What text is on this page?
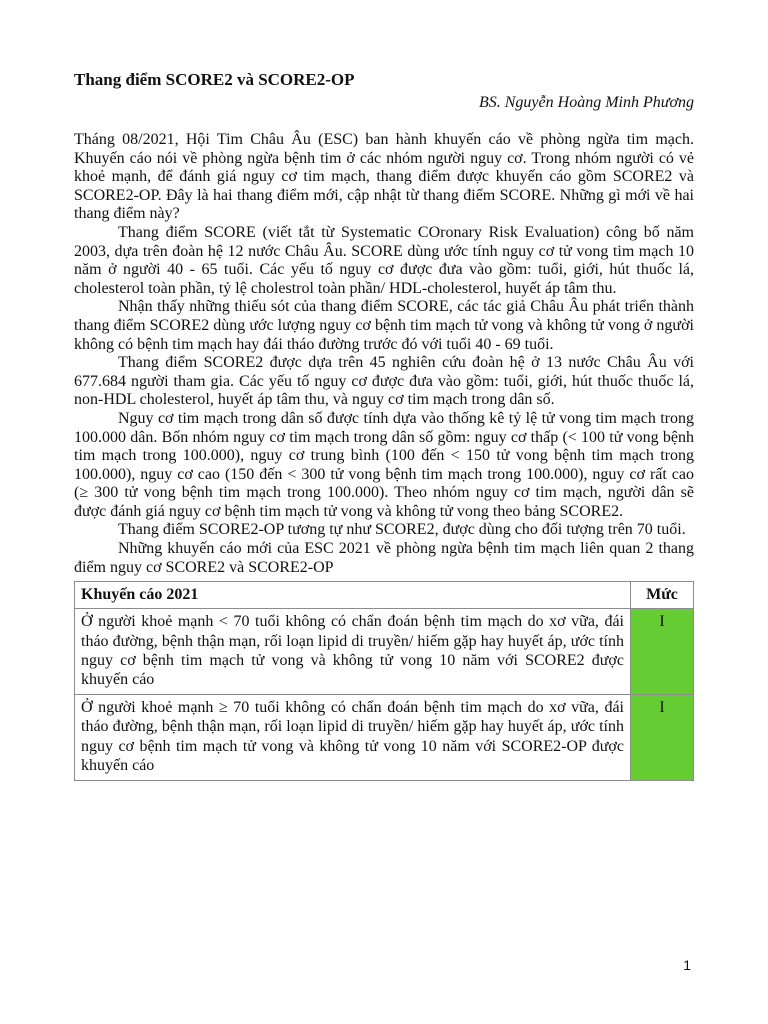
Thang điểm SCORE2 và SCORE2-OP

BS. Nguyễn Hoàng Minh Phương

Tháng 08/2021, Hội Tim Châu Âu (ESC) ban hành khuyến cáo về phòng ngừa tim mạch. Khuyến cáo nói về phòng ngừa bệnh tim ở các nhóm người nguy cơ. Trong nhóm người có vẻ khoẻ mạnh, để đánh giá nguy cơ tim mạch, thang điểm được khuyến cáo gồm SCORE2 và SCORE2-OP. Đây là hai thang điểm mới, cập nhật từ thang điểm SCORE. Những gì mới về hai thang điểm này?

Thang điểm SCORE (viết tắt từ Systematic COronary Risk Evaluation) công bố năm 2003, dựa trên đoàn hệ 12 nước Châu Âu. SCORE dùng ước tính nguy cơ tử vong tim mạch 10 năm ở người 40 - 65 tuổi. Các yếu tố nguy cơ được đưa vào gồm: tuổi, giới, hút thuốc lá, cholesterol toàn phần, tỷ lệ cholestrol toàn phần/ HDL-cholesterol, huyết áp tâm thu.

Nhận thấy những thiếu sót của thang điểm SCORE, các tác giả Châu Âu phát triển thành thang điểm SCORE2 dùng ước lượng nguy cơ bệnh tim mạch tử vong và không tử vong ở người không có bệnh tim mạch hay đái tháo đường trước đó với tuổi 40 - 69 tuổi.

Thang điểm SCORE2 được dựa trên 45 nghiên cứu đoàn hệ ở 13 nước Châu Âu với 677.684 người tham gia. Các yếu tố nguy cơ được đưa vào gồm: tuổi, giới, hút thuốc thuốc lá, non-HDL cholesterol, huyết áp tâm thu, và nguy cơ tim mạch trong dân số.

Nguy cơ tim mạch trong dân số được tính dựa vào thống kê tỷ lệ tử vong tim mạch trong 100.000 dân. Bốn nhóm nguy cơ tim mạch trong dân số gồm: nguy cơ thấp (< 100 tử vong bệnh tim mạch trong 100.000), nguy cơ trung bình (100 đến < 150 tử vong bệnh tim mạch trong 100.000), nguy cơ cao (150 đến < 300 tử vong bệnh tim mạch trong 100.000), nguy cơ rất cao (≥ 300 tử vong bệnh tim mạch trong 100.000). Theo nhóm nguy cơ tim mạch, người dân sẽ được đánh giá nguy cơ bệnh tim mạch tử vong và không tử vong theo bảng SCORE2.

Thang điểm SCORE2-OP tương tự như SCORE2, được dùng cho đối tượng trên 70 tuổi.

Những khuyến cáo mới của ESC 2021 về phòng ngừa bệnh tim mạch liên quan 2 thang điểm nguy cơ SCORE2 và SCORE2-OP

Khuyến cáo 2021	Mức
Ở người khoẻ mạnh < 70 tuổi không có chẩn đoán bệnh tim mạch do xơ vữa, đái tháo đường, bệnh thận mạn, rối loạn lipid di truyền/ hiếm gặp hay huyết áp, ước tính nguy cơ bệnh tim mạch tử vong và không tử vong 10 năm với SCORE2 được khuyến cáo	I
Ở người khoẻ mạnh ≥ 70 tuổi không có chẩn đoán bệnh tim mạch do xơ vữa, đái tháo đường, bệnh thận mạn, rối loạn lipid di truyền/ hiếm gặp hay huyết áp, ước tính nguy cơ bệnh tim mạch tử vong và không tử vong 10 năm với SCORE2-OP được khuyến cáo	I
1
